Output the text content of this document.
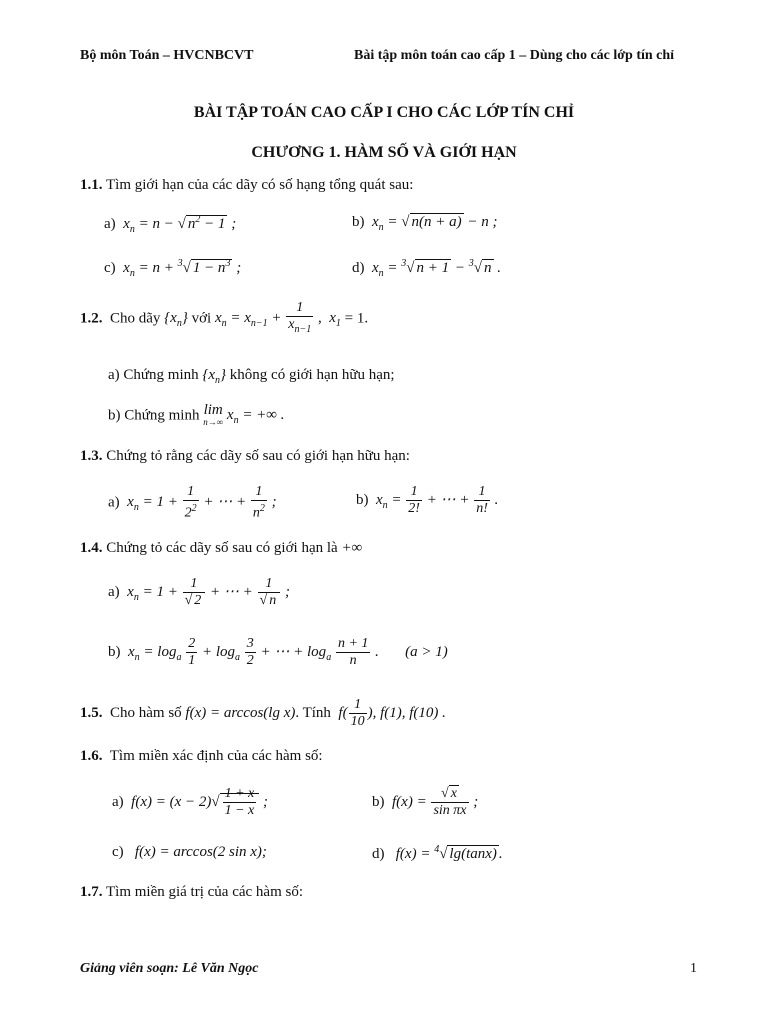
Bộ môn Toán – HVCNBCVT	Bài tập môn toán cao cấp 1 – Dùng cho các lớp tín chỉ
BÀI TẬP TOÁN CAO CẤP I CHO CÁC LỚP TÍN CHỈ
CHƯƠNG 1. HÀM SỐ VÀ GIỚI HẠN
1.1. Tìm giới hạn của các dãy có số hạng tổng quát sau:
a) $x_n = n$ − √ $n^2 - 1$ ;	b) $x_n$ = √ n(n + a) − n ;
c) $x_n = n + ^3√$ $1 - n^3$ ;	d) $x_n = ^3√$ n + 1 − $^3$√ n .
1.2. Cho dãy $\{x_n\}$ với $x_n = x_{n-1} + \frac{1}{x_{n-1}}$ ,  $x_1 = 1$.
a) Chứng minh $\{x_n\}$ không có giới hạn hữu hạn;
b) Chứng minh lim
n→∞ $x_n$ = +∞ .
1.3. Chứng tỏ rằng các dãy số sau có giới hạn hữu hạn:
a) $x_n = 1 + \frac{1}{2^2}$ + ⋯ + $\frac{1}{n^2}$ ;	b) $x_n = \frac{1}{2!}$ + ⋯ + $\frac{1}{n!}$ .
1.4. Chứng tỏ các dãy số sau có giới hạn là +∞
a) $x_n = 1 + \frac{1}{√ 2}$ + ⋯ + $\frac{1}{√ n}$ ;
b) $x_n = \log_a \frac{2}{1} + \log_a \frac{3}{2}$ + ⋯ + $\log_a \frac{n + 1}{n}$ .       (a > 1)
1.5. Cho hàm số f(x) = arccos(lg x). Tính $f( \frac{1}{10}$ ), f(1), f(10) .
1.6. Tìm miền xác định của các hàm số:
a) $f(x) = (x - 2)√ \frac{1 + x}{1 - x}$ ;	b) $f(x) = \frac{√ x}{\text{sin πx}}$ ;
c) f(x) = arccos(2 sin x);	d) f(x) = $^4$√ lg(tanx) .
1.7. Tìm miền giá trị của các hàm số:
Giảng viên soạn: Lê Văn Ngọc	1
